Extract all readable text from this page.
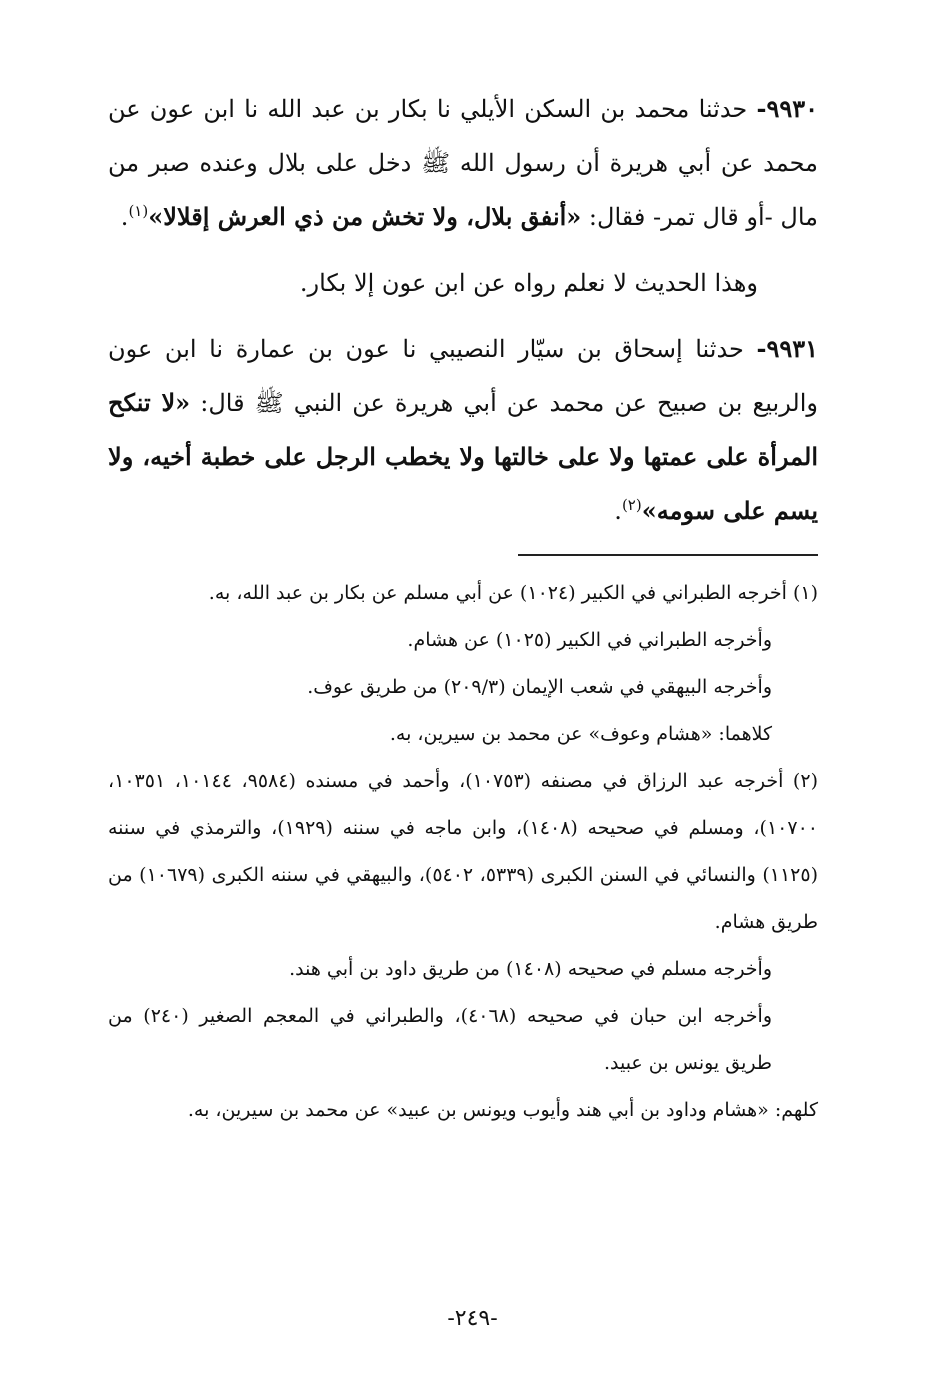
٩٩٣٠- حدثنا محمد بن السكن الأيلي نا بكار بن عبد الله نا ابن عون عن محمد عن أبي هريرة أن رسول الله ﷺ دخل على بلال وعنده صبر من مال -أو قال تمر- فقال: «أنفق بلال، ولا تخش من ذي العرش إقلالا»$^{(١)}$.

وهذا الحديث لا نعلم رواه عن ابن عون إلا بكار.

٩٩٣١- حدثنا إسحاق بن سيّار النصيبي نا عون بن عمارة نا ابن عون والربيع بن صبيح عن محمد عن أبي هريرة عن النبي ﷺ قال: «لا تنكح المرأة على عمتها ولا على خالتها ولا يخطب الرجل على خطبة أخيه، ولا يسم على سومه»$^{(٢)}$.

(١) أخرجه الطبراني في الكبير (١٠٢٤) عن أبي مسلم عن بكار بن عبد الله، به.

وأخرجه الطبراني في الكبير (١٠٢٥) عن هشام.

وأخرجه البيهقي في شعب الإيمان (٢٠٩/٣) من طريق عوف.

كلاهما: «هشام وعوف» عن محمد بن سيرين، به.

(٢) أخرجه عبد الرزاق في مصنفه (١٠٧٥٣)، وأحمد في مسنده (٩٥٨٤، ١٠١٤٤، ١٠٣٥١، ١٠٧٠٠)، ومسلم في صحيحه (١٤٠٨)، وابن ماجه في سننه (١٩٢٩)، والترمذي في سننه (١١٢٥) والنسائي في السنن الكبرى (٥٣٣٩، ٥٤٠٢)، والبيهقي في سننه الكبرى (١٠٦٧٩) من طريق هشام.

وأخرجه مسلم في صحيحه (١٤٠٨) من طريق داود بن أبي هند.

وأخرجه ابن حبان في صحيحه (٤٠٦٨)، والطبراني في المعجم الصغير (٢٤٠) من طريق يونس بن عبيد.

كلهم: «هشام وداود بن أبي هند وأيوب ويونس بن عبيد» عن محمد بن سيرين، به.

-٢٤٩-
